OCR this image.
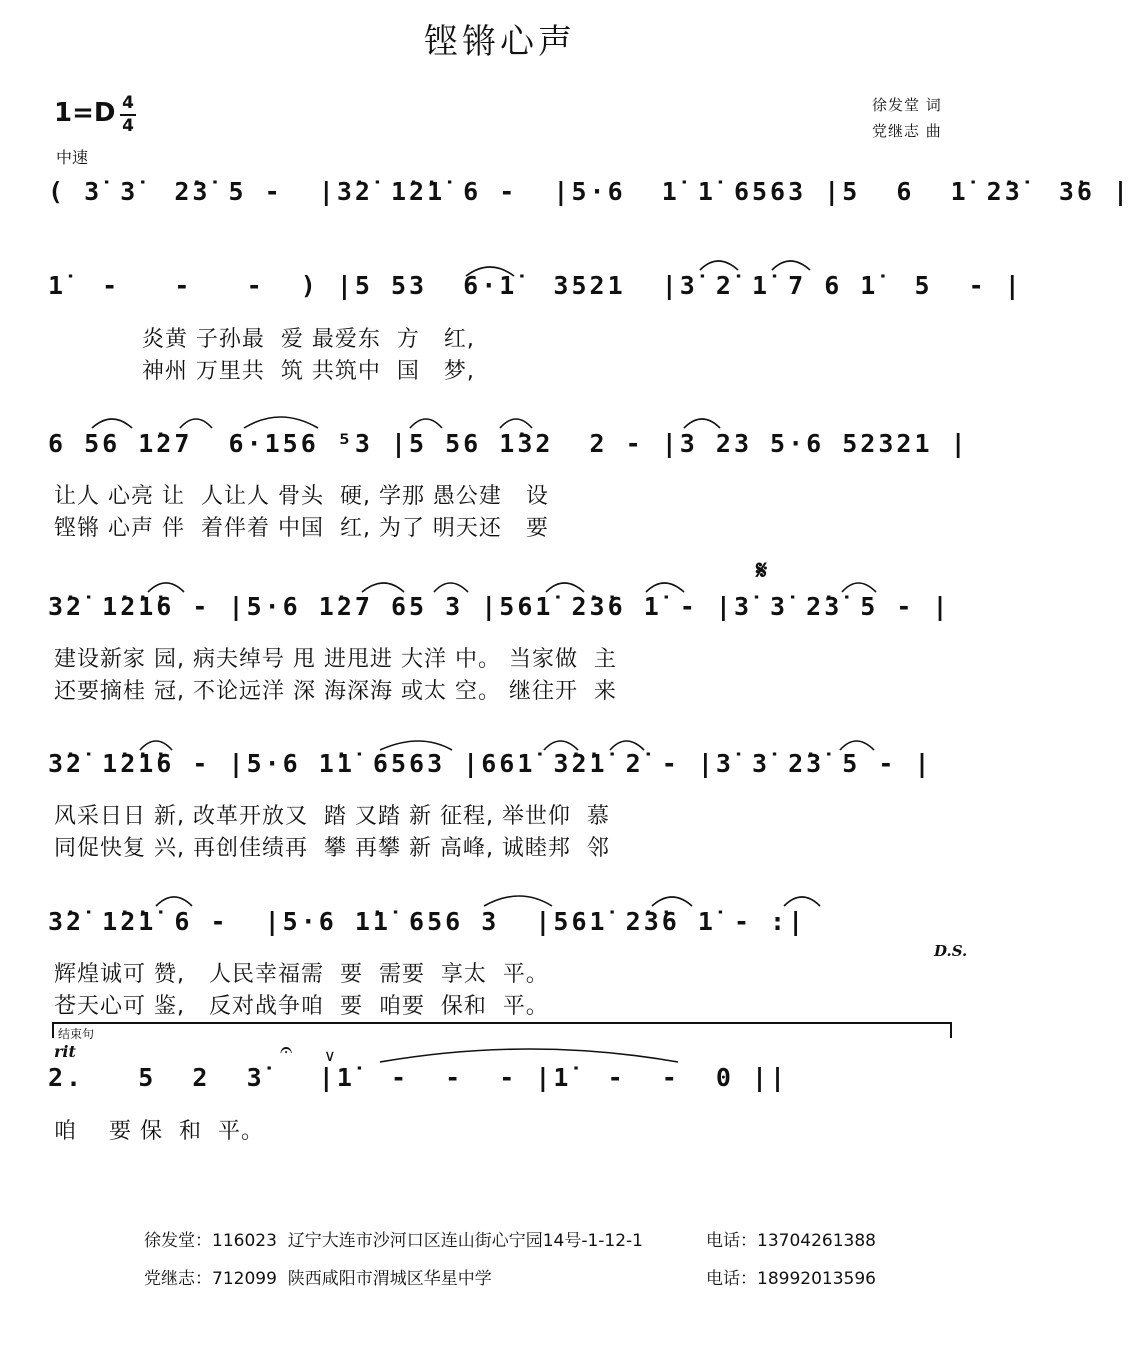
铿锵心声
1=D 4
4
中速
徐发堂 词
党继志 曲
( 3̇ 3̇  2̇3̇ 5 -  |3̇2̇ 1̇2̇1̇ 6 -  |5·6  1̇ 1̇ 6563 |5  6  1̇ 2̇3̇  3̇6 |
1̇  -   -   -  ) |5 53  6·1̇  3521  |3̇ 2̇ 1̇ 7 6 1̇  5  - |
炎黄 子孙最  爱 最爱东  方   红,
神州 万里共  筑 共筑中  国   梦,
6 56 1̇27  6·156 ⁵3 |5 56 1̇32  2 - |3 23 5·6 52321 |
让人 心亮 让  人让人 骨头  硬, 学那 愚公建   设
铿锵 心声 伴  着伴着 中国  红, 为了 明天还   要
𝄋
3̇2̇ 1̇2̇1̇6 - |5·6 1̇27 65 3 |561̇ 2̇3̇6 1̇ - |3̇ 3̇ 2̇3̇ 5 - |
建设新家 园, 病夫绰号 甩 进甩进 大洋 中。 当家做  主
还要摘桂 冠, 不论远洋 深 海深海 或太 空。 继往开  来
3̇2̇ 1̇2̇1̇6 - |5·6 1̇1̇ 6563 |661̇ 3̇2̇1̇ 2̇ - |3̇ 3̇ 2̇3̇ 5 - |
风采日日 新, 改革开放又  踏 又踏 新 征程, 举世仰  慕
同促快复 兴, 再创佳绩再  攀 再攀 新 高峰, 诚睦邦  邻
3̇2̇ 1̇2̇1̇ 6 -  |5·6 1̇1̇ 656 3  |561̇ 2̇3̇6 1̇ - :|
D.S.
辉煌诚可 赞,   人民幸福需  要  需要  享太  平。
苍天心可 鉴,   反对战争咱  要  咱要  保和  平。
结束句
rit	𝄐 ∨
2.   5  2  3̇   |1̇  -  -  - |1̇  -  -  0 ||
咱    要 保  和  平。
徐发堂：116023  辽宁大连市沙河口区连山街心宁园14号-1-12-1	电话：13704261388
党继志：712099  陕西咸阳市渭城区华星中学	电话：18992013596
